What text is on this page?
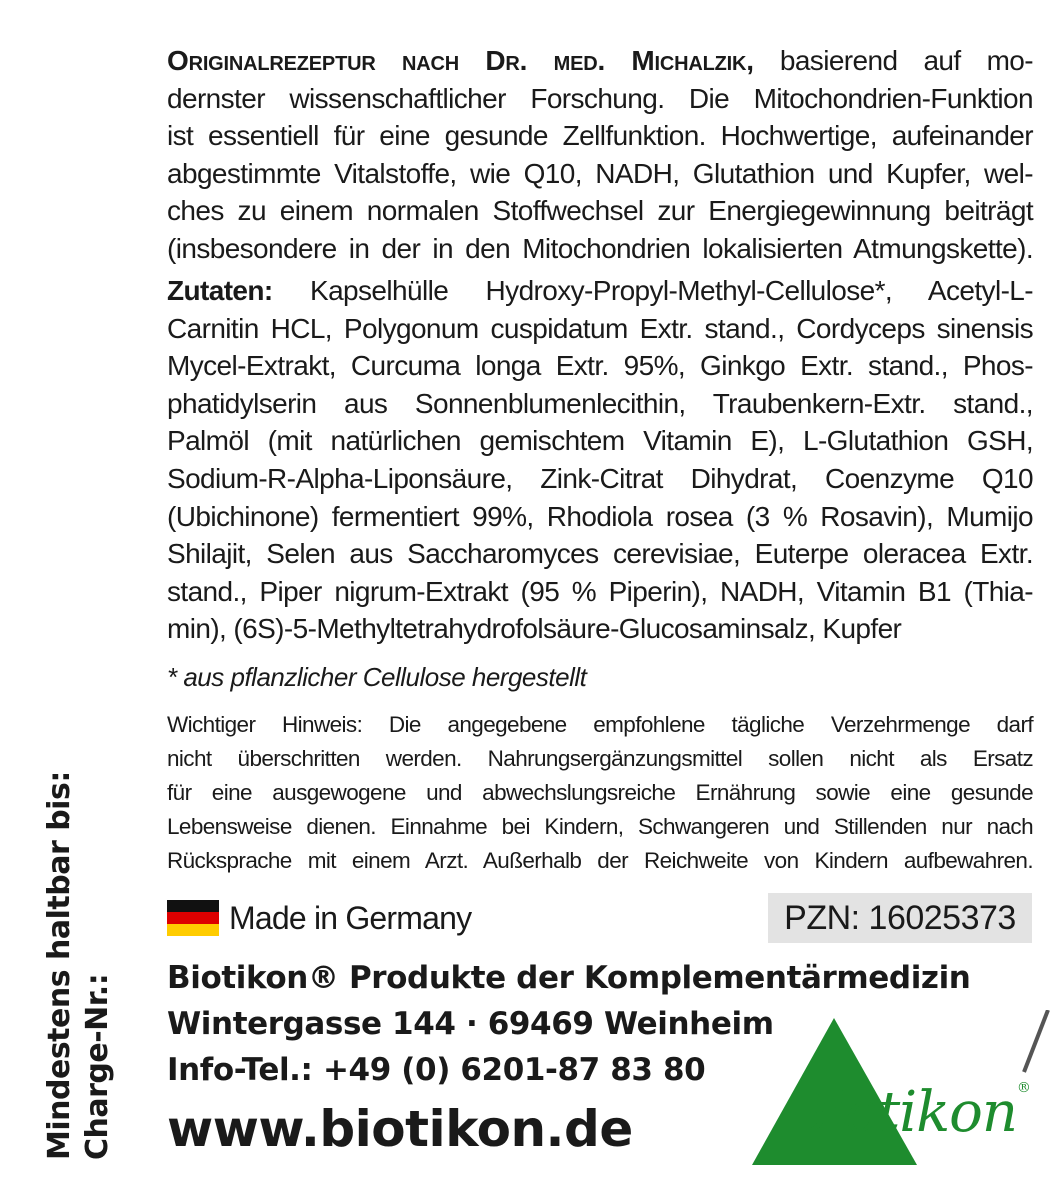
Mindestens haltbar bis: Charge-Nr.:
Originalrezeptur nach Dr. med. Michalzik, basierend auf mo-
dernster wissenschaftlicher Forschung. Die Mitochondrien-Funktion
ist essentiell für eine gesunde Zellfunktion. Hochwertige, aufeinander
abgestimmte Vitalstoffe, wie Q10, NADH, Glutathion und Kupfer, wel-
ches zu einem normalen Stoffwechsel zur Energiegewinnung beiträgt
(insbesondere in der in den Mitochondrien lokalisierten Atmungskette).
Zutaten: Kapselhülle Hydroxy-Propyl-Methyl-Cellulose*, Acetyl-L-
Carnitin HCL, Polygonum cuspidatum Extr. stand., Cordyceps sinensis
Mycel-Extrakt, Curcuma longa Extr. 95%, Ginkgo Extr. stand., Phos-
phatidylserin aus Sonnenblumenlecithin, Traubenkern-Extr. stand.,
Palmöl (mit natürlichen gemischtem Vitamin E), L-Glutathion GSH,
Sodium-R-Alpha-Liponsäure, Zink-Citrat Dihydrat, Coenzyme Q10
(Ubichinone) fermentiert 99%, Rhodiola rosea (3 % Rosavin), Mumijo
Shilajit, Selen aus Saccharomyces cerevisiae, Euterpe oleracea Extr.
stand., Piper nigrum-Extrakt (95 % Piperin), NADH, Vitamin B1 (Thia-
min), (6S)-5-Methyltetrahydrofolsäure-Glucosaminsalz, Kupfer
* aus pflanzlicher Cellulose hergestellt
Wichtiger Hinweis: Die angegebene empfohlene tägliche Verzehrmenge darf
nicht überschritten werden. Nahrungsergänzungsmittel sollen nicht als Ersatz
für eine ausgewogene und abwechslungsreiche Ernährung sowie eine gesunde
Lebensweise dienen. Einnahme bei Kindern, Schwangeren und Stillenden nur nach
Rücksprache mit einem Arzt. Außerhalb der Reichweite von Kindern aufbewahren.
Made in Germany	PZN: 16025373
Biotikon® Produkte der Komplementärmedizin
Wintergasse 144 · 69469 Weinheim
Info-Tel.: +49 (0) 6201-87 83 80
www.biotikon.de	Biotikon®
